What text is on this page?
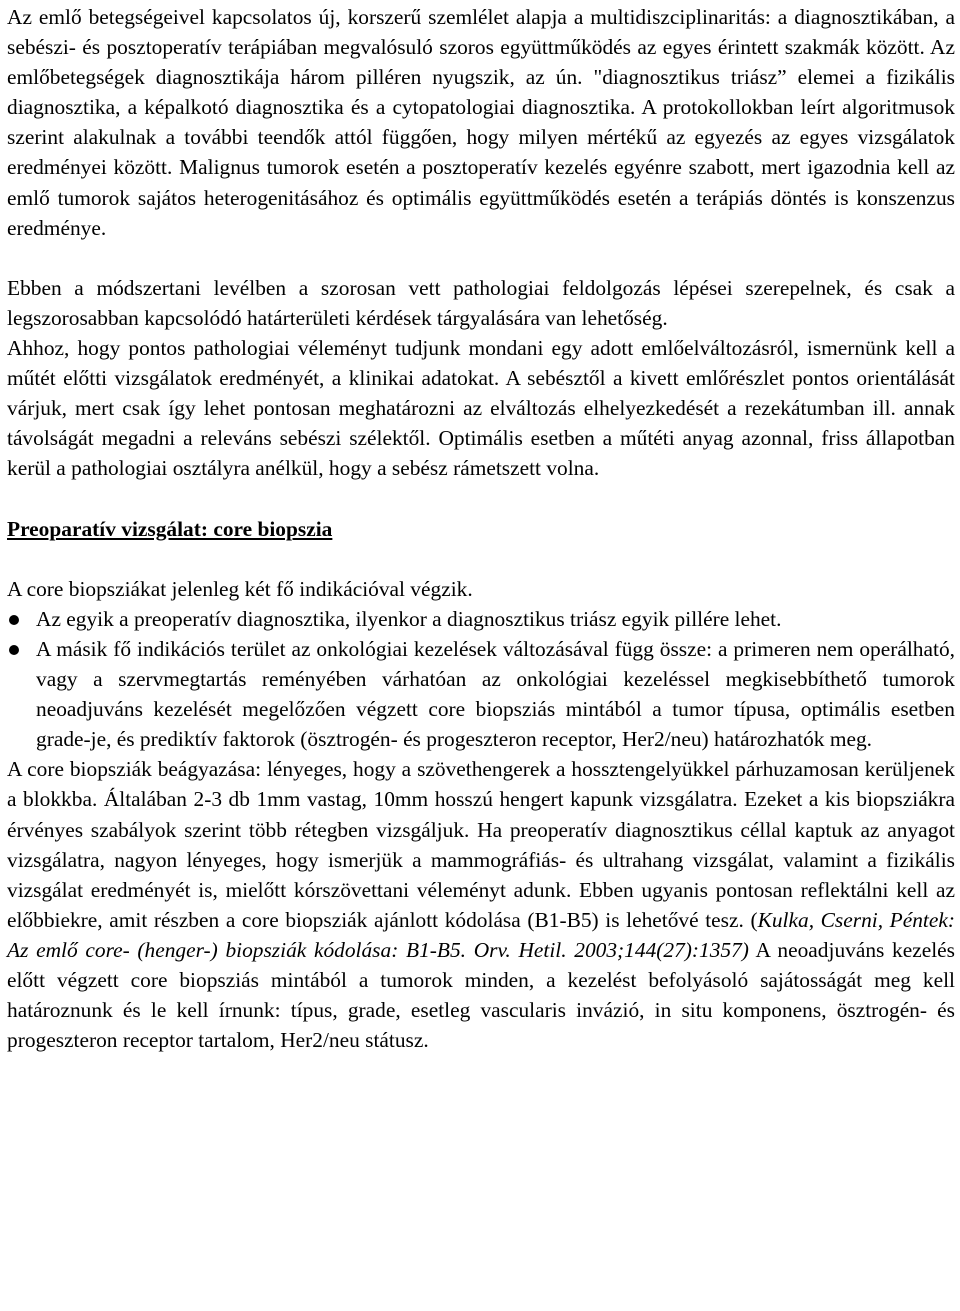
Az emlő betegségeivel kapcsolatos új, korszerű szemlélet alapja a multidiszciplinaritás: a diagnosztikában, a sebészi- és posztoperatív terápiában megvalósuló szoros együttműködés az egyes érintett szakmák között. Az emlőbetegségek diagnosztikája három pilléren nyugszik, az ún. "diagnosztikus triász” elemei a fizikális diagnosztika, a képalkotó diagnosztika és a cytopatologiai diagnosztika. A protokollokban leírt algoritmusok szerint alakulnak a további teendők attól függően, hogy milyen mértékű az egyezés az egyes vizsgálatok eredményei között. Malignus tumorok esetén a posztoperatív kezelés egyénre szabott, mert igazodnia kell az emlő tumorok sajátos heterogenitásához és optimális együttműködés esetén a terápiás döntés is konszenzus eredménye.

Ebben a módszertani levélben a szorosan vett pathologiai feldolgozás lépései szerepelnek, és csak a legszorosabban kapcsolódó határterületi kérdések tárgyalására van lehetőség.

Ahhoz, hogy pontos pathologiai véleményt tudjunk mondani egy adott emlőelváltozásról, ismernünk kell a műtét előtti vizsgálatok eredményét, a klinikai adatokat. A sebésztől a kivett emlőrészlet pontos orientálását várjuk, mert csak így lehet pontosan meghatározni az elváltozás elhelyezkedését a rezekátumban ill. annak távolságát megadni a releváns sebészi szélektől. Optimális esetben a műtéti anyag azonnal, friss állapotban kerül a pathologiai osztályra anélkül, hogy a sebész rámetszett volna.

Preoparatív vizsgálat: core biopszia

A core biopsziákat jelenleg két fő indikációval végzik.

Az egyik a preoperatív diagnosztika, ilyenkor a diagnosztikus triász egyik pillére lehet.
A másik fő indikációs terület az onkológiai kezelések változásával függ össze: a primeren nem operálható, vagy a szervmegtartás reményében várhatóan az onkológiai kezeléssel megkisebbíthető tumorok neoadjuváns kezelését megelőzően végzett core biopsziás mintából a tumor típusa, optimális esetben grade-je, és prediktív faktorok (ösztrogén- és progeszteron receptor, Her2/neu) határozhatók meg.

A core biopsziák beágyazása: lényeges, hogy a szövethengerek a hossztengelyükkel párhuzamosan kerüljenek a blokkba. Általában 2-3 db 1mm vastag, 10mm hosszú hengert kapunk vizsgálatra. Ezeket a kis biopsziákra érvényes szabályok szerint több rétegben vizsgáljuk. Ha preoperatív diagnosztikus céllal kaptuk az anyagot vizsgálatra, nagyon lényeges, hogy ismerjük a mammográfiás- és ultrahang vizsgálat, valamint a fizikális vizsgálat eredményét is, mielőtt kórszövettani véleményt adunk. Ebben ugyanis pontosan reflektálni kell az előbbiekre, amit részben a core biopsziák ajánlott kódolása (B1-B5) is lehetővé tesz. (Kulka, Cserni, Péntek: Az emlő core- (henger-) biopsziák kódolása: B1-B5. Orv. Hetil. 2003;144(27):1357) A neoadjuváns kezelés előtt végzett core biopsziás mintából a tumorok minden, a kezelést befolyásoló sajátosságát meg kell határoznunk és le kell írnunk: típus, grade, esetleg vascularis invázió, in situ komponens, ösztrogén- és progeszteron receptor tartalom, Her2/neu státusz.
